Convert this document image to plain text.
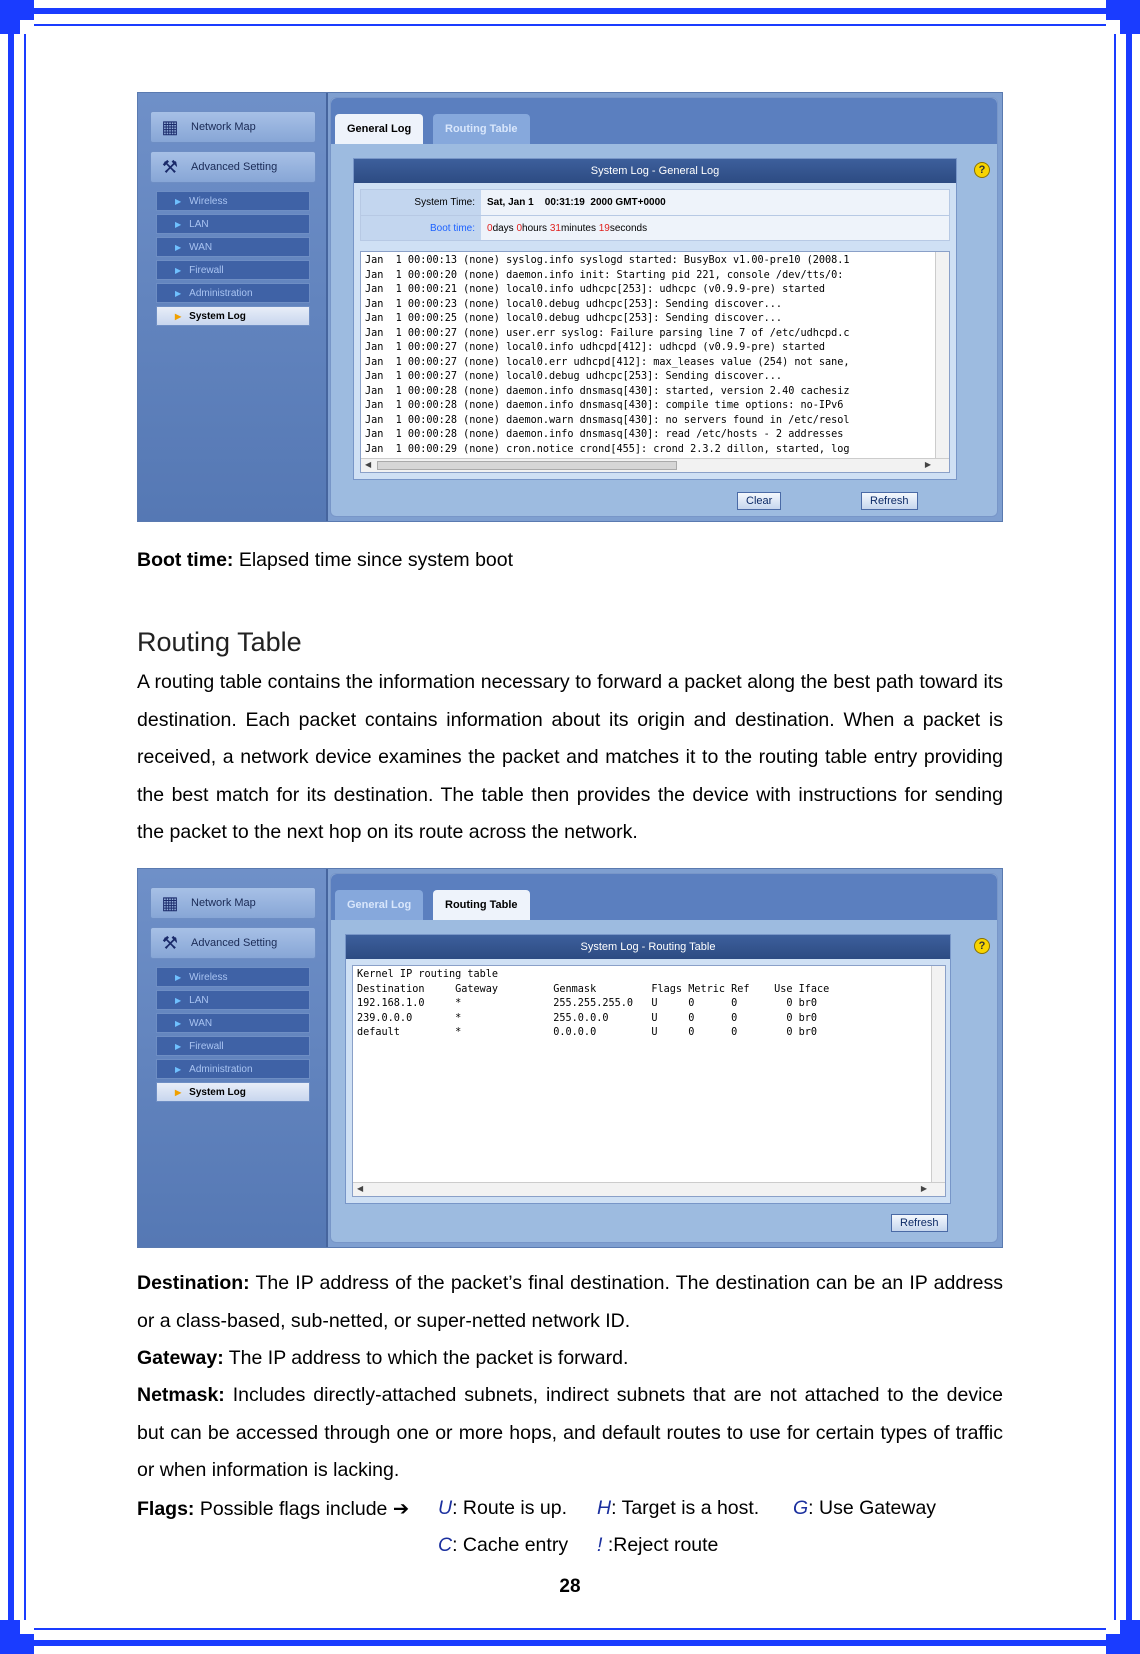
▦ Network Map
⚒ Advanced Setting
▶ Wireless
▶ LAN
▶ WAN
▶ Firewall
▶ Administration
▶ System Log
General Log	Routing Table
?
System Log - General Log
System Time:	Sat, Jan 1    00:31:19  2000 GMT+0000
Boot time:	0days 0hours 31minutes 19seconds
Jan  1 00:00:13 (none) syslog.info syslogd started: BusyBox v1.00-pre10 (2008.1
Jan  1 00:00:20 (none) daemon.info init: Starting pid 221, console /dev/tts/0:
Jan  1 00:00:21 (none) local0.info udhcpc[253]: udhcpc (v0.9.9-pre) started
Jan  1 00:00:23 (none) local0.debug udhcpc[253]: Sending discover...
Jan  1 00:00:25 (none) local0.debug udhcpc[253]: Sending discover...
Jan  1 00:00:27 (none) user.err syslog: Failure parsing line 7 of /etc/udhcpd.c
Jan  1 00:00:27 (none) local0.info udhcpd[412]: udhcpd (v0.9.9-pre) started
Jan  1 00:00:27 (none) local0.err udhcpd[412]: max_leases value (254) not sane,
Jan  1 00:00:27 (none) local0.debug udhcpc[253]: Sending discover...
Jan  1 00:00:28 (none) daemon.info dnsmasq[430]: started, version 2.40 cachesiz
Jan  1 00:00:28 (none) daemon.info dnsmasq[430]: compile time options: no-IPv6
Jan  1 00:00:28 (none) daemon.warn dnsmasq[430]: no servers found in /etc/resol
Jan  1 00:00:28 (none) daemon.info dnsmasq[430]: read /etc/hosts - 2 addresses
Jan  1 00:00:29 (none) cron.notice crond[455]: crond 2.3.2 dillon, started, log
◀	▶
Clear	Refresh
Boot time: Elapsed time since system boot
Routing Table
A routing table contains the information necessary to forward a packet along the best path toward its destination. Each packet contains information about its origin and destination. When a packet is received, a network device examines the packet and matches it to the routing table entry providing the best match for its destination. The table then provides the device with instructions for sending the packet to the next hop on its route across the network.
▦ Network Map
⚒ Advanced Setting
▶ Wireless
▶ LAN
▶ WAN
▶ Firewall
▶ Administration
▶ System Log
General Log	Routing Table
?
System Log - Routing Table
Kernel IP routing table
Destination     Gateway         Genmask         Flags Metric Ref    Use Iface
192.168.1.0     *               255.255.255.0   U     0      0        0 br0
239.0.0.0       *               255.0.0.0       U     0      0        0 br0
default         *               0.0.0.0         U     0      0        0 br0
◀	▶
Refresh
Destination: The IP address of the packet’s final destination. The destination can be an IP address or a class-based, sub-netted, or super-netted network ID.
Gateway: The IP address to which the packet is forward.
Netmask: Includes directly-attached subnets, indirect subnets that are not attached to the device but can be accessed through one or more hops, and default routes to use for certain types of traffic or when information is lacking.
Flags: Possible flags include ➔ U: Route is up. H: Target is a host. G: Use Gateway
C: Cache entry ! :Reject route
28
